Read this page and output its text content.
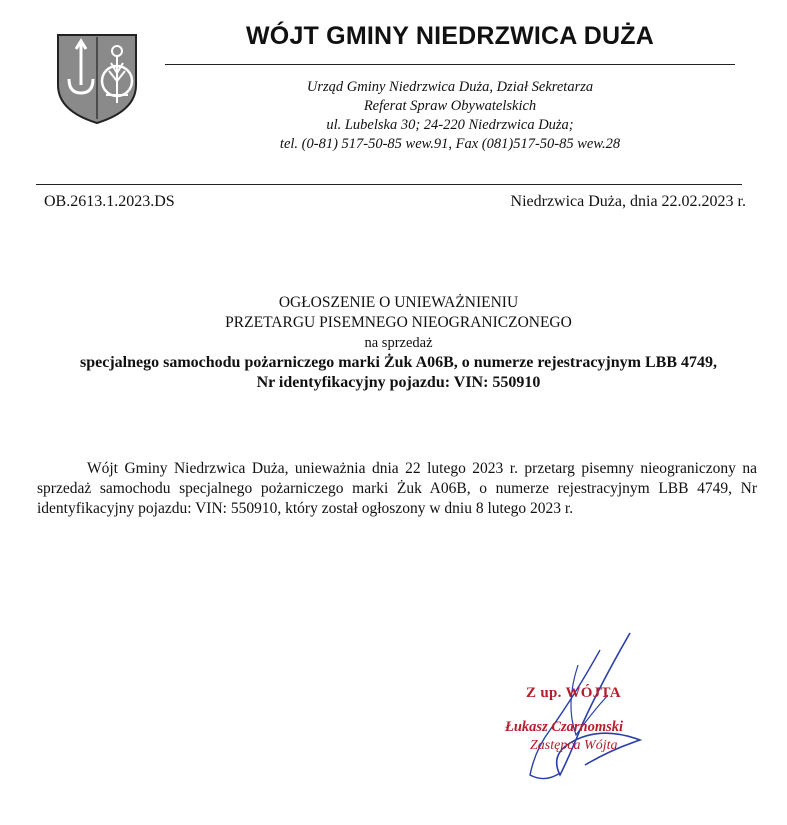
WÓJT GMINY NIEDRZWICA DUŻA
Urząd Gminy Niedrzwica Duża, Dział Sekretarza
Referat Spraw Obywatelskich
ul. Lubelska 30; 24-220 Niedrzwica Duża;
tel. (0-81) 517-50-85 wew.91, Fax (081)517-50-85 wew.28
OB.2613.1.2023.DS	Niedrzwica Duża, dnia 22.02.2023 r.
OGŁOSZENIE O UNIEWAŻNIENIU
PRZETARGU PISEMNEGO NIEOGRANICZONEGO
na sprzedaż
specjalnego samochodu pożarniczego marki Żuk A06B, o numerze rejestracyjnym LBB 4749,
Nr identyfikacyjny pojazdu: VIN: 550910
Wójt Gminy Niedrzwica Duża, unieważnia dnia 22 lutego 2023 r. przetarg pisemny nieograniczony na sprzedaż samochodu specjalnego pożarniczego marki Żuk A06B, o numerze rejestracyjnym LBB 4749, Nr identyfikacyjny pojazdu: VIN: 550910, który został ogłoszony w dniu 8 lutego 2023 r.
Z up. WÓJTA
Łukasz Czarnomski
Zastępca Wójta
